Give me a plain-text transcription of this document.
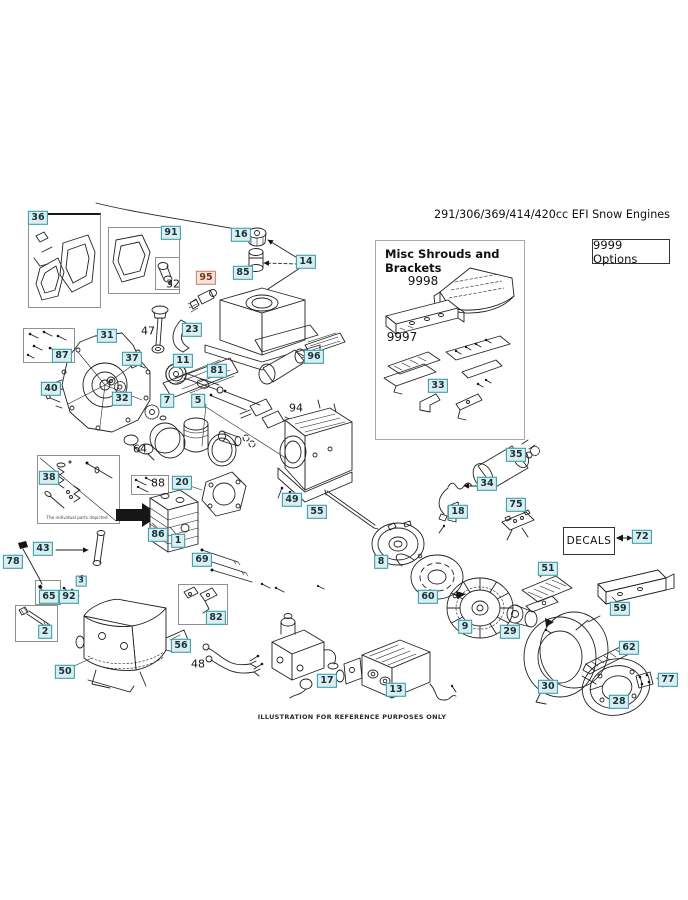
291/306/369/414/420cc EFI Snow Engines
9999 Options
Misc Shrouds and Brackets
DECALS
ILLUSTRATION FOR REFERENCE PURPOSES ONLY
The individual parts depicted
36
91	16
14
85
95
31
23
87	37	11
81
96
40
32	7	5
33
38	20
49
55
35
34
75
18
86
1
43
78	69
72
8
51
3
65 92	60
59
82
9	29
2
56	62
50
17	77
30
13
28
32
47
94
64
88
48
9998
9997
